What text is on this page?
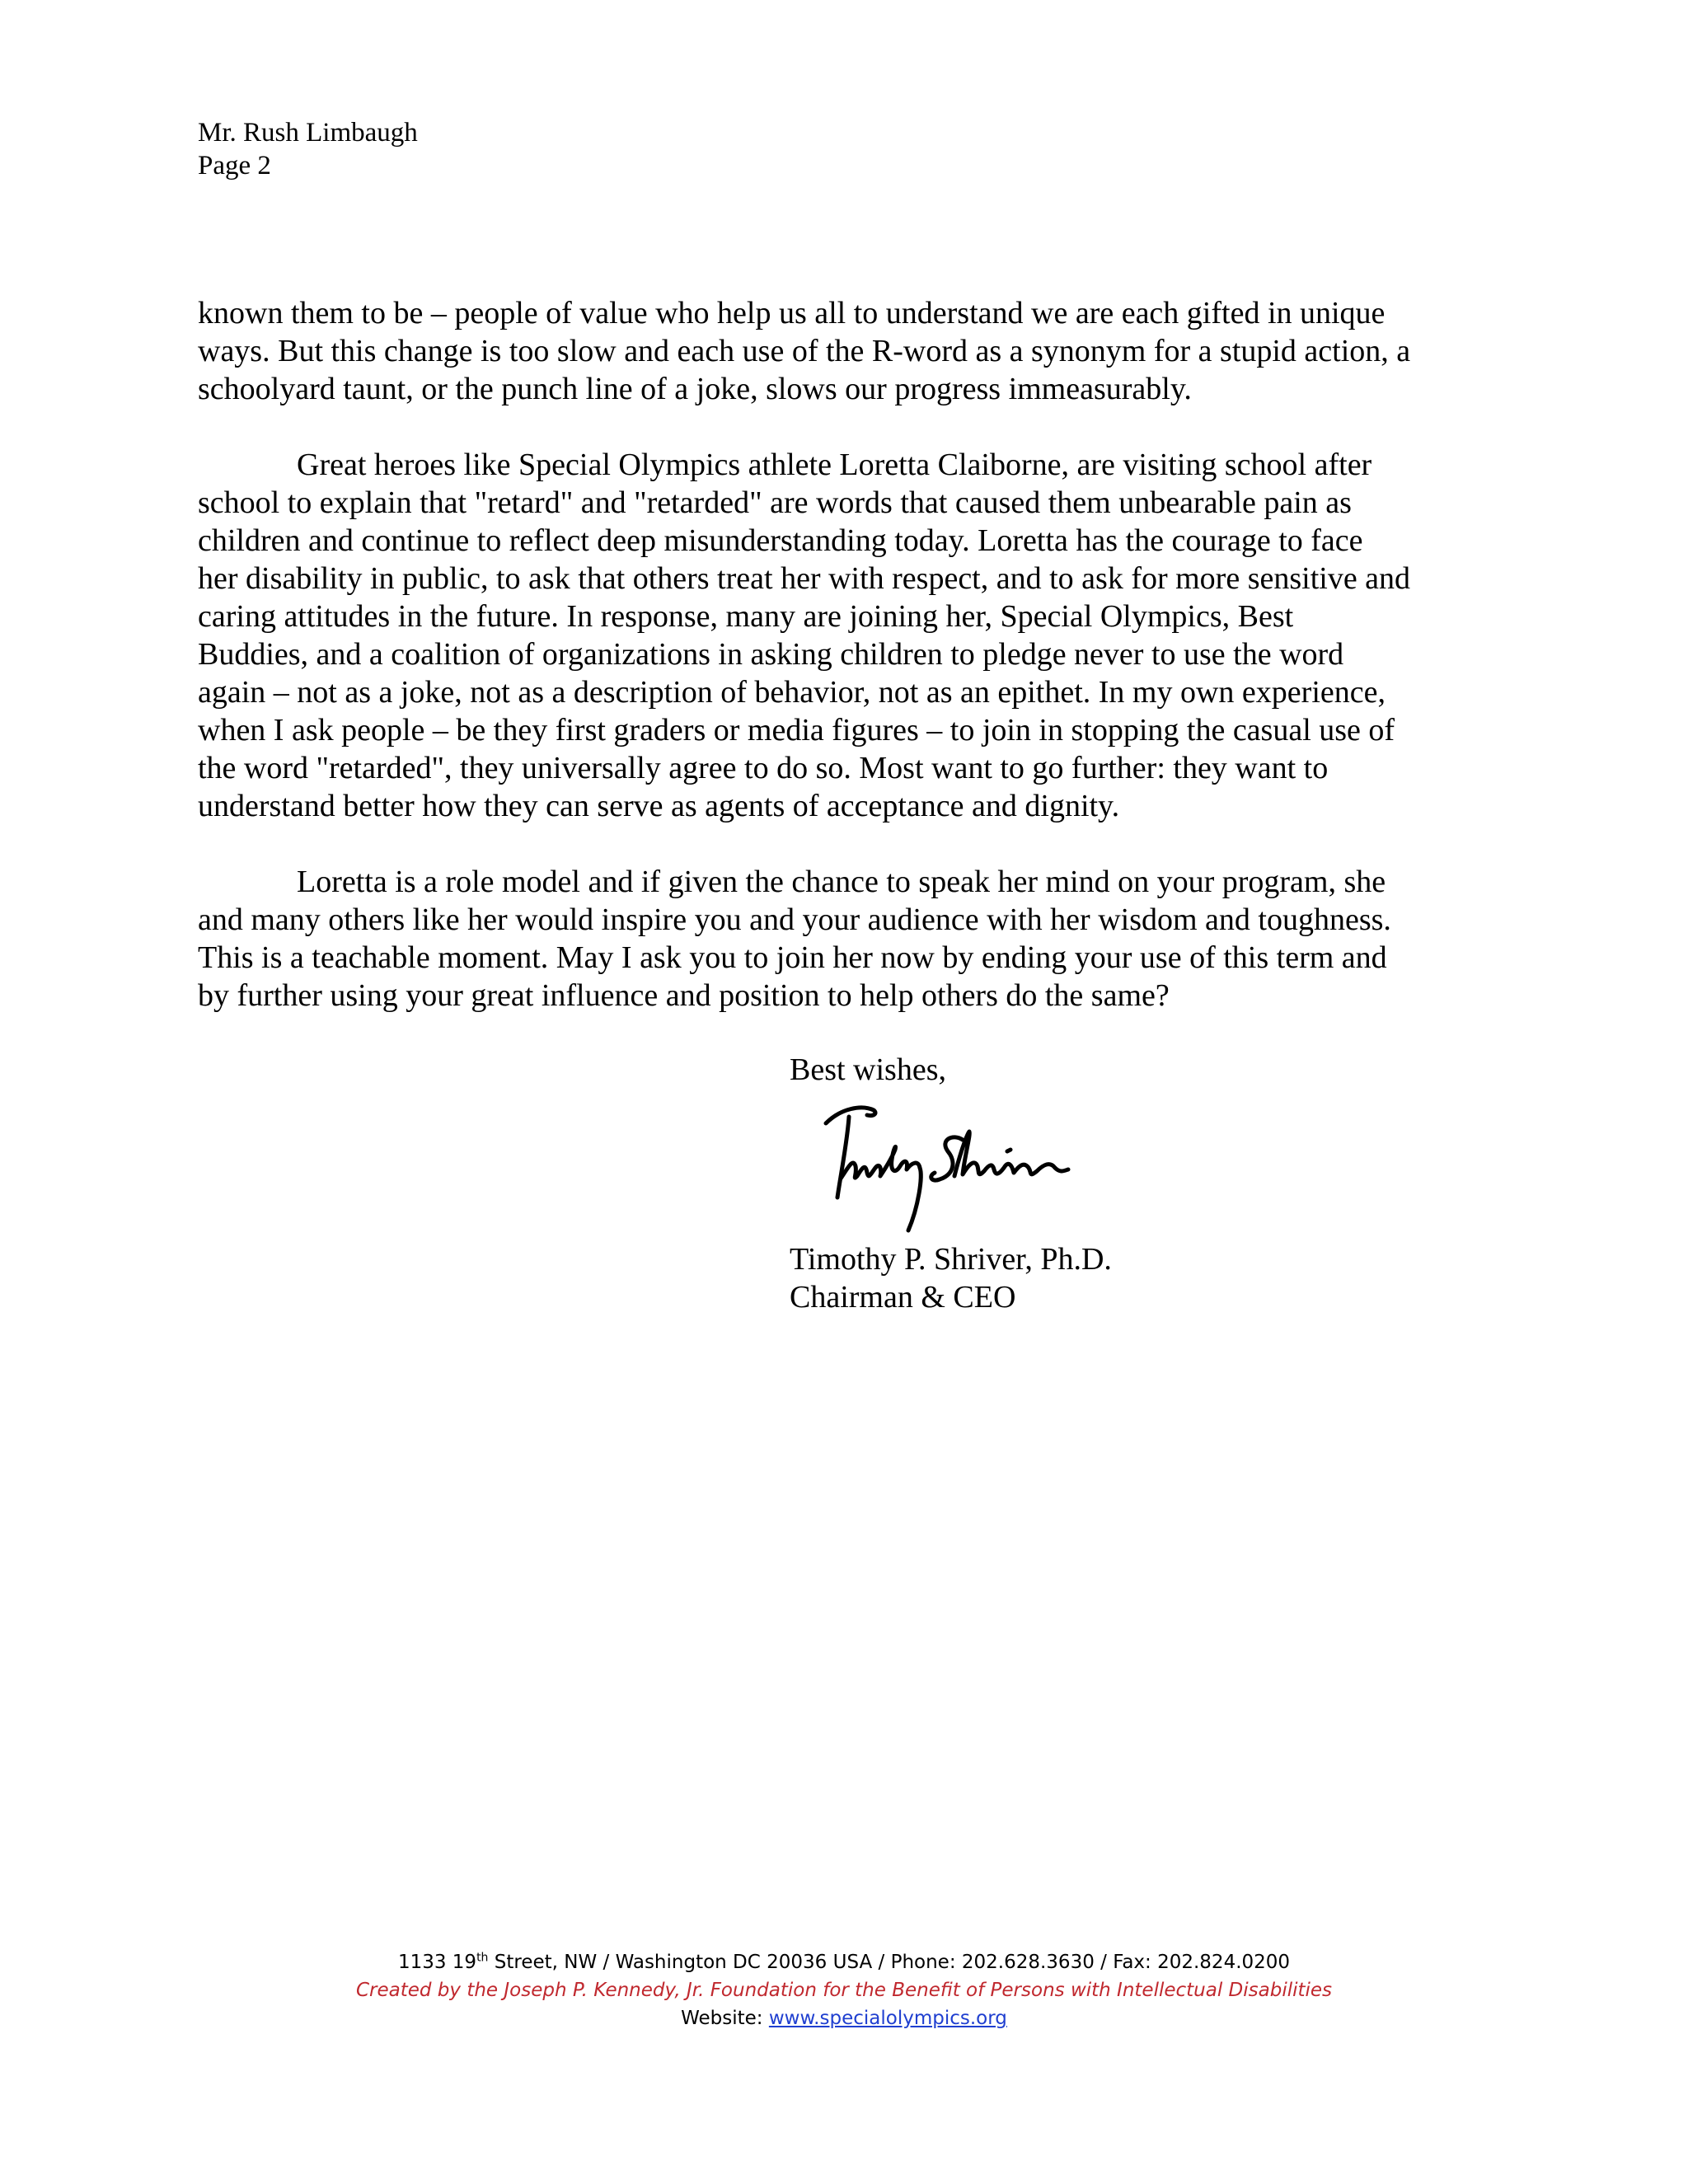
Mr. Rush Limbaugh
Page 2

known them to be – people of value who help us all to understand we are each gifted in unique
ways. But this change is too slow and each use of the R-word as a synonym for a stupid action, a
schoolyard taunt, or the punch line of a joke, slows our progress immeasurably.

Great heroes like Special Olympics athlete Loretta Claiborne, are visiting school after
school to explain that "retard" and "retarded" are words that caused them unbearable pain as
children and continue to reflect deep misunderstanding today. Loretta has the courage to face
her disability in public, to ask that others treat her with respect, and to ask for more sensitive and
caring attitudes in the future. In response, many are joining her, Special Olympics, Best
Buddies, and a coalition of organizations in asking children to pledge never to use the word
again – not as a joke, not as a description of behavior, not as an epithet. In my own experience,
when I ask people – be they first graders or media figures – to join in stopping the casual use of
the word "retarded", they universally agree to do so. Most want to go further: they want to
understand better how they can serve as agents of acceptance and dignity.

Loretta is a role model and if given the chance to speak her mind on your program, she
and many others like her would inspire you and your audience with her wisdom and toughness.
This is a teachable moment. May I ask you to join her now by ending your use of this term and
by further using your great influence and position to help others do the same?

Best wishes,
Timothy P. Shriver, Ph.D.
Chairman & CEO
1133 19th Street, NW / Washington DC 20036 USA / Phone: 202.628.3630 / Fax: 202.824.0200
Created by the Joseph P. Kennedy, Jr. Foundation for the Benefit of Persons with Intellectual Disabilities
Website: www.specialolympics.org
